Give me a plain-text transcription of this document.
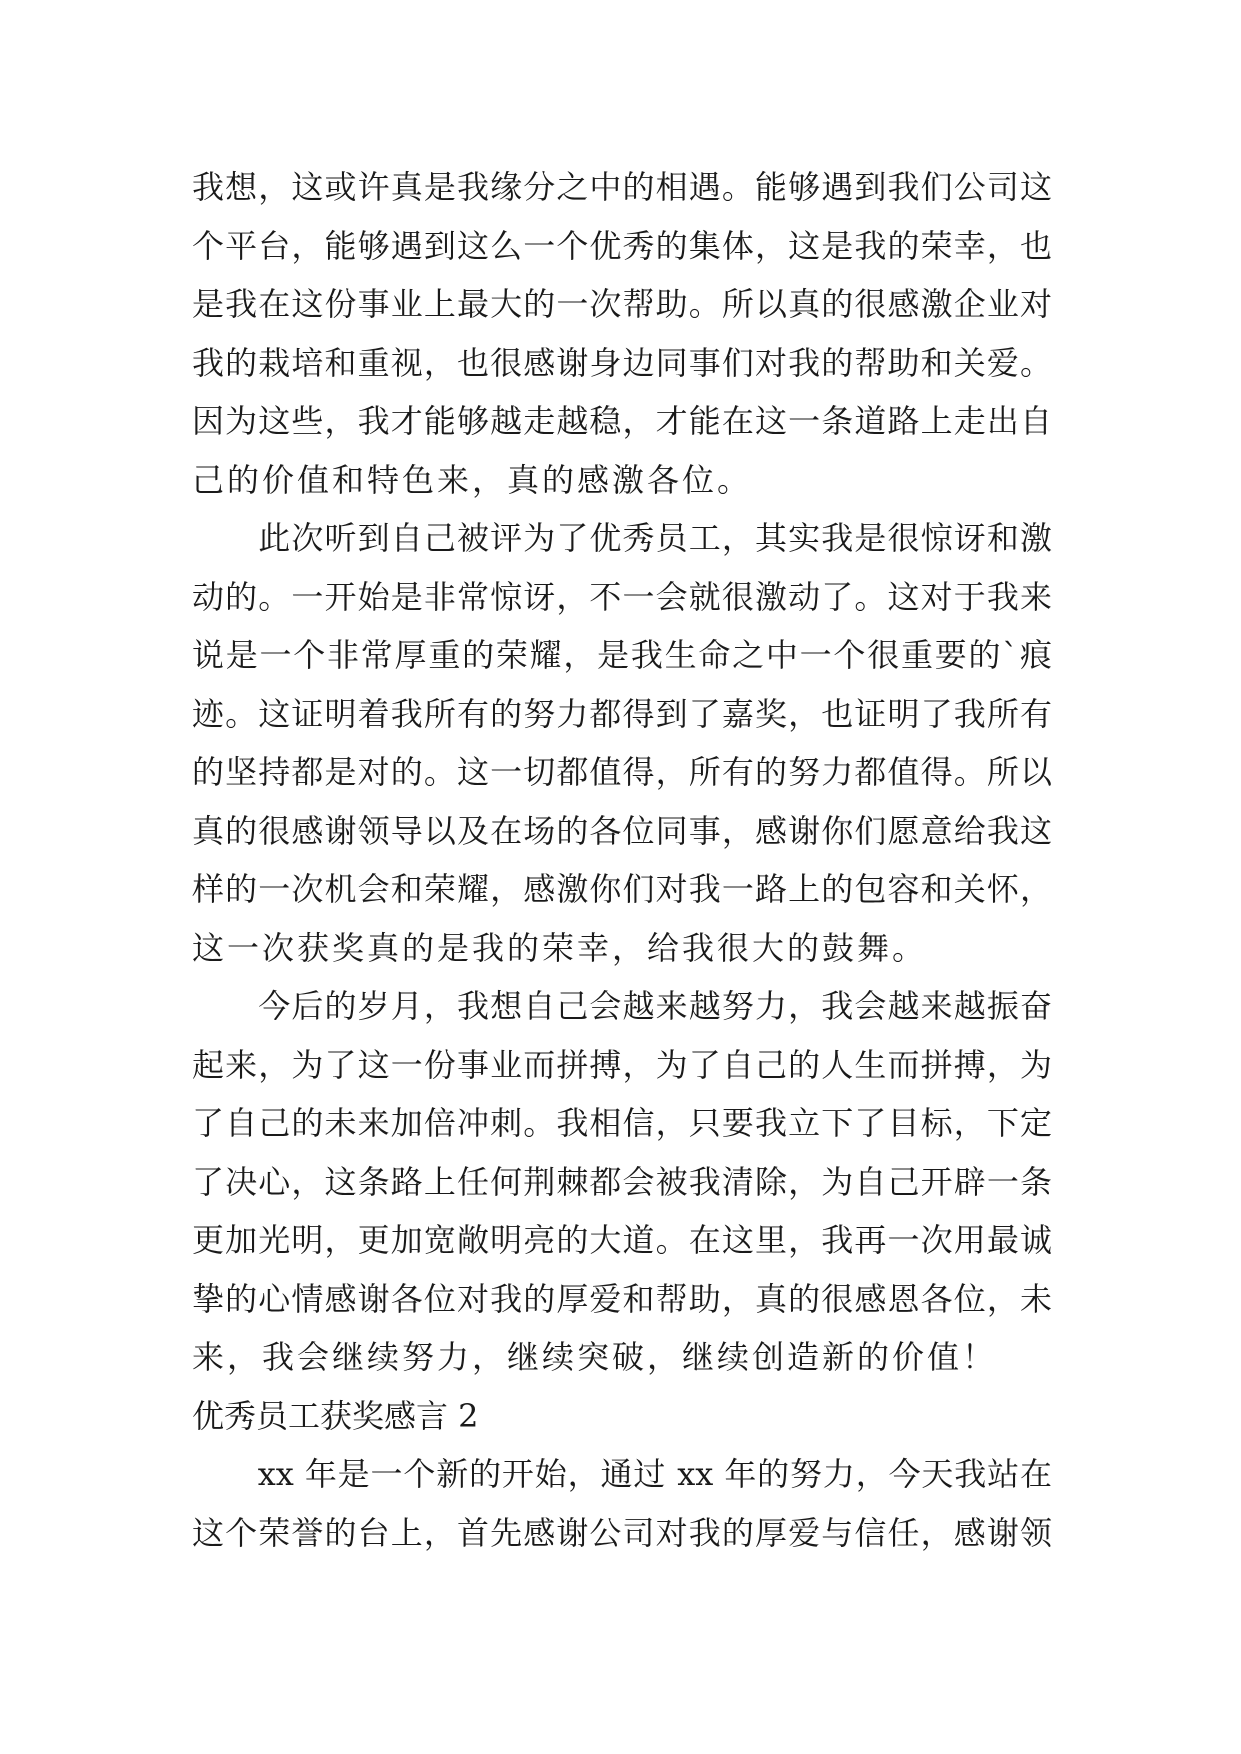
我想，这或许真是我缘分之中的相遇。能够遇到我们公司这
个平台，能够遇到这么一个优秀的集体，这是我的荣幸，也
是我在这份事业上最大的一次帮助。所以真的很感激企业对
我的栽培和重视，也很感谢身边同事们对我的帮助和关爱。
因为这些，我才能够越走越稳，才能在这一条道路上走出自
己的价值和特色来，真的感激各位。
　　此次听到自己被评为了优秀员工，其实我是很惊讶和激
动的。一开始是非常惊讶，不一会就很激动了。这对于我来
说是一个非常厚重的荣耀，是我生命之中一个很重要的`痕
迹。这证明着我所有的努力都得到了嘉奖，也证明了我所有
的坚持都是对的。这一切都值得，所有的努力都值得。所以
真的很感谢领导以及在场的各位同事，感谢你们愿意给我这
样的一次机会和荣耀，感激你们对我一路上的包容和关怀，
这一次获奖真的是我的荣幸，给我很大的鼓舞。
　　今后的岁月，我想自己会越来越努力，我会越来越振奋
起来，为了这一份事业而拼搏，为了自己的人生而拼搏，为
了自己的未来加倍冲刺。我相信，只要我立下了目标，下定
了决心，这条路上任何荆棘都会被我清除，为自己开辟一条
更加光明，更加宽敞明亮的大道。在这里，我再一次用最诚
挚的心情感谢各位对我的厚爱和帮助，真的很感恩各位，未
来，我会继续努力，继续突破，继续创造新的价值！
优秀员工获奖感言 2
　　xx 年是一个新的开始，通过 xx 年的努力，今天我站在
这个荣誉的台上，首先感谢公司对我的厚爱与信任，感谢领
